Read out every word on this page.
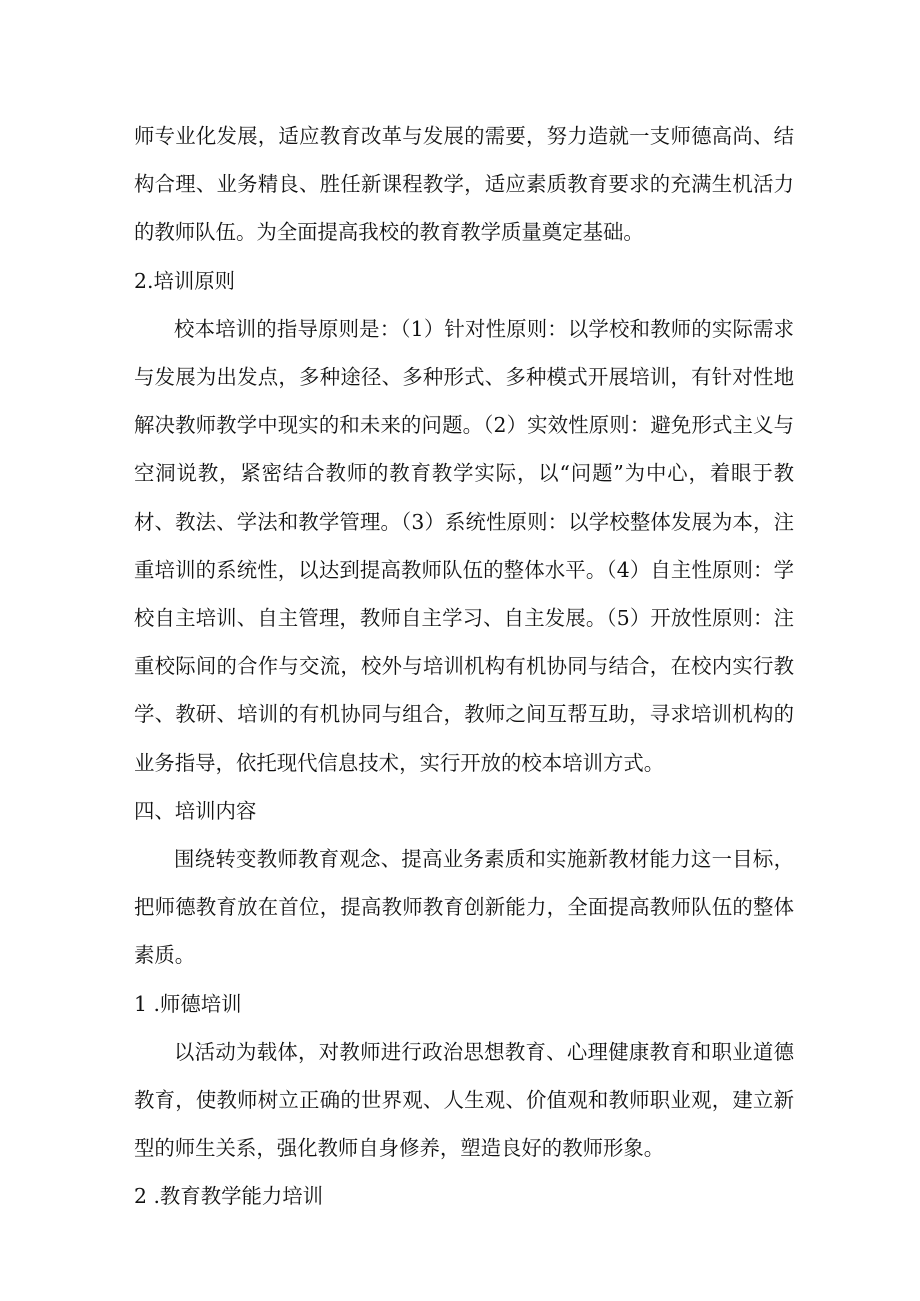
师专业化发展，适应教育改革与发展的需要，努力造就一支师德高尚、结构合理、业务精良、胜任新课程教学，适应素质教育要求的充满生机活力的教师队伍。为全面提高我校的教育教学质量奠定基础。

2.培训原则

校本培训的指导原则是：（1）针对性原则：以学校和教师的实际需求与发展为出发点，多种途径、多种形式、多种模式开展培训，有针对性地解决教师教学中现实的和未来的问题。（2）实效性原则：避免形式主义与空洞说教，紧密结合教师的教育教学实际，以“问题”为中心，着眼于教材、教法、学法和教学管理。（3）系统性原则：以学校整体发展为本，注重培训的系统性，以达到提高教师队伍的整体水平。（4）自主性原则：学校自主培训、自主管理，教师自主学习、自主发展。（5）开放性原则：注重校际间的合作与交流，校外与培训机构有机协同与结合，在校内实行教学、教研、培训的有机协同与组合，教师之间互帮互助，寻求培训机构的业务指导，依托现代信息技术，实行开放的校本培训方式。

四、培训内容

围绕转变教师教育观念、提高业务素质和实施新教材能力这一目标，把师德教育放在首位，提高教师教育创新能力，全面提高教师队伍的整体素质。

1 .师德培训

以活动为载体，对教师进行政治思想教育、心理健康教育和职业道德教育，使教师树立正确的世界观、人生观、价值观和教师职业观，建立新型的师生关系，强化教师自身修养，塑造良好的教师形象。

2 .教育教学能力培训
